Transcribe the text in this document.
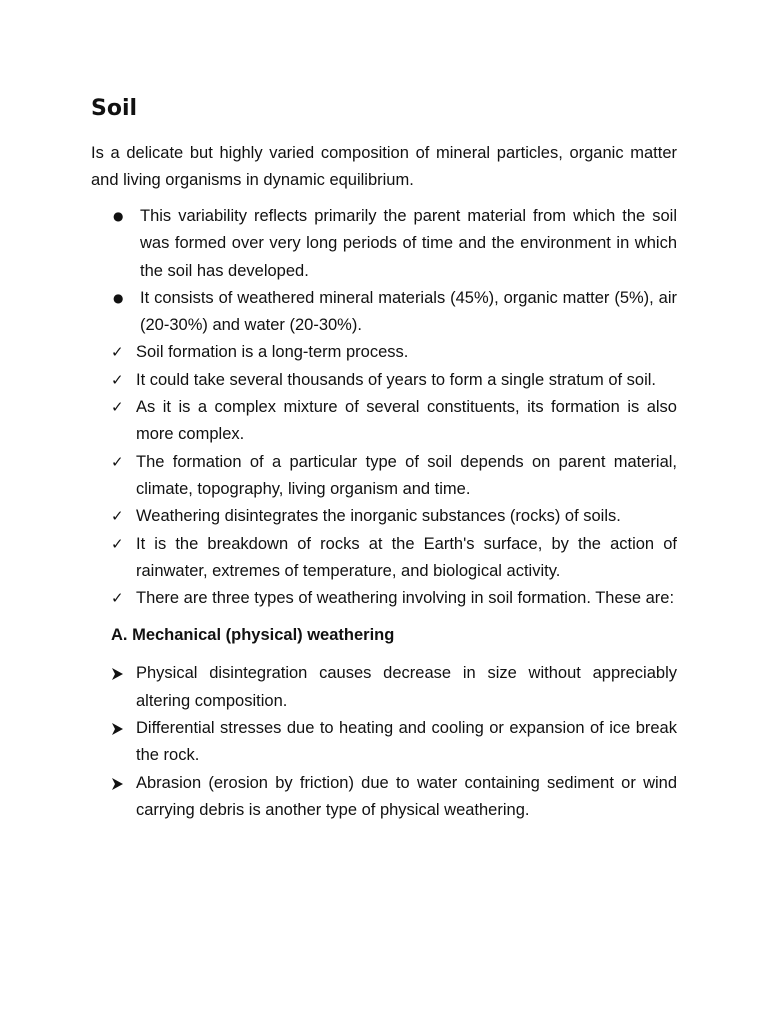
Soil

Is a delicate but highly varied composition of mineral particles, organic matter and living organisms in dynamic equilibrium.

●	This variability reflects primarily the parent material from which the soil was formed over very long periods of time and the environment in which the soil has developed.
●	It consists of weathered mineral materials (45%), organic matter (5%), air (20-30%) and water (20-30%).
✓ Soil formation is a long-term process.
✓ It could take several thousands of years to form a single stratum of soil.
✓ As it is a complex mixture of several constituents, its formation is also more complex.
✓ The formation of a particular type of soil depends on parent material, climate, topography, living organism and time.
✓ Weathering disintegrates the inorganic substances (rocks) of soils.
✓ It is the breakdown of rocks at the Earth's surface, by the action of rainwater, extremes of temperature, and biological activity.
✓ There are three types of weathering involving in soil formation. These are:
A. Mechanical (physical) weathering
Physical disintegration causes decrease in size without appreciably altering composition.
Differential stresses due to heating and cooling or expansion of ice break the rock.
Abrasion (erosion by friction) due to water containing sediment or wind carrying debris is another type of physical weathering.
